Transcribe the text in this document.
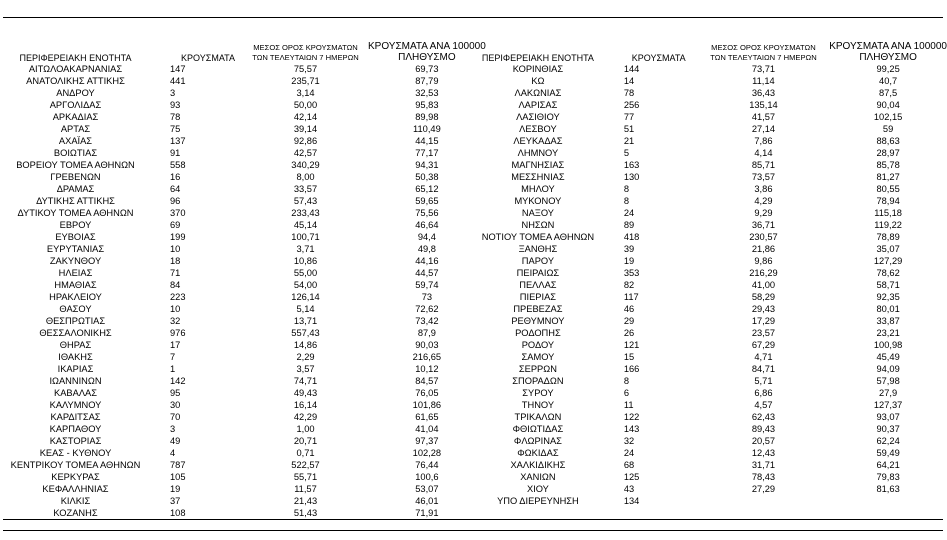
ΠΕΡΙΦΕΡΕΙΑΚΗ ΕΝΟΤΗΤΑ	ΚΡΟΥΣΜΑΤΑ	ΜΕΣΟΣ ΟΡΟΣ ΚΡΟΥΣΜΑΤΩΝ
ΤΩΝ ΤΕΛΕΥΤΑΙΩΝ 7 ΗΜΕΡΩΝ	ΚΡΟΥΣΜΑΤΑ ΑΝΑ 100000
ΠΛΗΘΥΣΜΟ
ΑΙΤΩΛΟΑΚΑΡΝΑΝΙΑΣ	147	75,57	69,73
ΑΝΑΤΟΛΙΚΗΣ ΑΤΤΙΚΗΣ	441	235,71	87,79
ΑΝΔΡΟΥ	3	3,14	32,53
ΑΡΓΟΛΙΔΑΣ	93	50,00	95,83
ΑΡΚΑΔΙΑΣ	78	42,14	89,98
ΑΡΤΑΣ	75	39,14	110,49
ΑΧΑΪΑΣ	137	92,86	44,15
ΒΟΙΩΤΙΑΣ	91	42,57	77,17
ΒΟΡΕΙΟΥ ΤΟΜΕΑ ΑΘΗΝΩΝ	558	340,29	94,31
ΓΡΕΒΕΝΩΝ	16	8,00	50,38
ΔΡΑΜΑΣ	64	33,57	65,12
ΔΥΤΙΚΗΣ ΑΤΤΙΚΗΣ	96	57,43	59,65
ΔΥΤΙΚΟΥ ΤΟΜΕΑ ΑΘΗΝΩΝ	370	233,43	75,56
ΕΒΡΟΥ	69	45,14	46,64
ΕΥΒΟΙΑΣ	199	100,71	94,4
ΕΥΡΥΤΑΝΙΑΣ	10	3,71	49,8
ΖΑΚΥΝΘΟΥ	18	10,86	44,16
ΗΛΕΙΑΣ	71	55,00	44,57
ΗΜΑΘΙΑΣ	84	54,00	59,74
ΗΡΑΚΛΕΙΟΥ	223	126,14	73
ΘΑΣΟΥ	10	5,14	72,62
ΘΕΣΠΡΩΤΙΑΣ	32	13,71	73,42
ΘΕΣΣΑΛΟΝΙΚΗΣ	976	557,43	87,9
ΘΗΡΑΣ	17	14,86	90,03
ΙΘΑΚΗΣ	7	2,29	216,65
ΙΚΑΡΙΑΣ	1	3,57	10,12
ΙΩΑΝΝΙΝΩΝ	142	74,71	84,57
ΚΑΒΑΛΑΣ	95	49,43	76,05
ΚΑΛΥΜΝΟΥ	30	16,14	101,86
ΚΑΡΔΙΤΣΑΣ	70	42,29	61,65
ΚΑΡΠΑΘΟΥ	3	1,00	41,04
ΚΑΣΤΟΡΙΑΣ	49	20,71	97,37
ΚΕΑΣ - ΚΥΘΝΟΥ	4	0,71	102,28
ΚΕΝΤΡΙΚΟΥ ΤΟΜΕΑ ΑΘΗΝΩΝ	787	522,57	76,44
ΚΕΡΚΥΡΑΣ	105	55,71	100,6
ΚΕΦΑΛΛΗΝΙΑΣ	19	11,57	53,07
ΚΙΛΚΙΣ	37	21,43	46,01
ΚΟΖΑΝΗΣ	108	51,43	71,91
ΠΕΡΙΦΕΡΕΙΑΚΗ ΕΝΟΤΗΤΑ	ΚΡΟΥΣΜΑΤΑ	ΜΕΣΟΣ ΟΡΟΣ ΚΡΟΥΣΜΑΤΩΝ
ΤΩΝ ΤΕΛΕΥΤΑΙΩΝ 7 ΗΜΕΡΩΝ	ΚΡΟΥΣΜΑΤΑ ΑΝΑ 100000
ΠΛΗΘΥΣΜΟ
ΚΟΡΙΝΘΙΑΣ	144	73,71	99,25
ΚΩ	14	11,14	40,7
ΛΑΚΩΝΙΑΣ	78	36,43	87,5
ΛΑΡΙΣΑΣ	256	135,14	90,04
ΛΑΣΙΘΙΟΥ	77	41,57	102,15
ΛΕΣΒΟΥ	51	27,14	59
ΛΕΥΚΑΔΑΣ	21	7,86	88,63
ΛΗΜΝΟΥ	5	4,14	28,97
ΜΑΓΝΗΣΙΑΣ	163	85,71	85,78
ΜΕΣΣΗΝΙΑΣ	130	73,57	81,27
ΜΗΛΟΥ	8	3,86	80,55
ΜΥΚΟΝΟΥ	8	4,29	78,94
ΝΑΞΟΥ	24	9,29	115,18
ΝΗΣΩΝ	89	36,71	119,22
ΝΟΤΙΟΥ ΤΟΜΕΑ ΑΘΗΝΩΝ	418	230,57	78,89
ΞΑΝΘΗΣ	39	21,86	35,07
ΠΑΡΟΥ	19	9,86	127,29
ΠΕΙΡΑΙΩΣ	353	216,29	78,62
ΠΕΛΛΑΣ	82	41,00	58,71
ΠΙΕΡΙΑΣ	117	58,29	92,35
ΠΡΕΒΕΖΑΣ	46	29,43	80,01
ΡΕΘΥΜΝΟΥ	29	17,29	33,87
ΡΟΔΟΠΗΣ	26	23,57	23,21
ΡΟΔΟΥ	121	67,29	100,98
ΣΑΜΟΥ	15	4,71	45,49
ΣΕΡΡΩΝ	166	84,71	94,09
ΣΠΟΡΑΔΩΝ	8	5,71	57,98
ΣΥΡΟΥ	6	6,86	27,9
ΤΗΝΟΥ	11	4,57	127,37
ΤΡΙΚΑΛΩΝ	122	62,43	93,07
ΦΘΙΩΤΙΔΑΣ	143	89,43	90,37
ΦΛΩΡΙΝΑΣ	32	20,57	62,24
ΦΩΚΙΔΑΣ	24	12,43	59,49
ΧΑΛΚΙΔΙΚΗΣ	68	31,71	64,21
ΧΑΝΙΩΝ	125	78,43	79,83
ΧΙΟΥ	43	27,29	81,63
ΥΠΟ ΔΙΕΡΕΥΝΗΣΗ	134		
